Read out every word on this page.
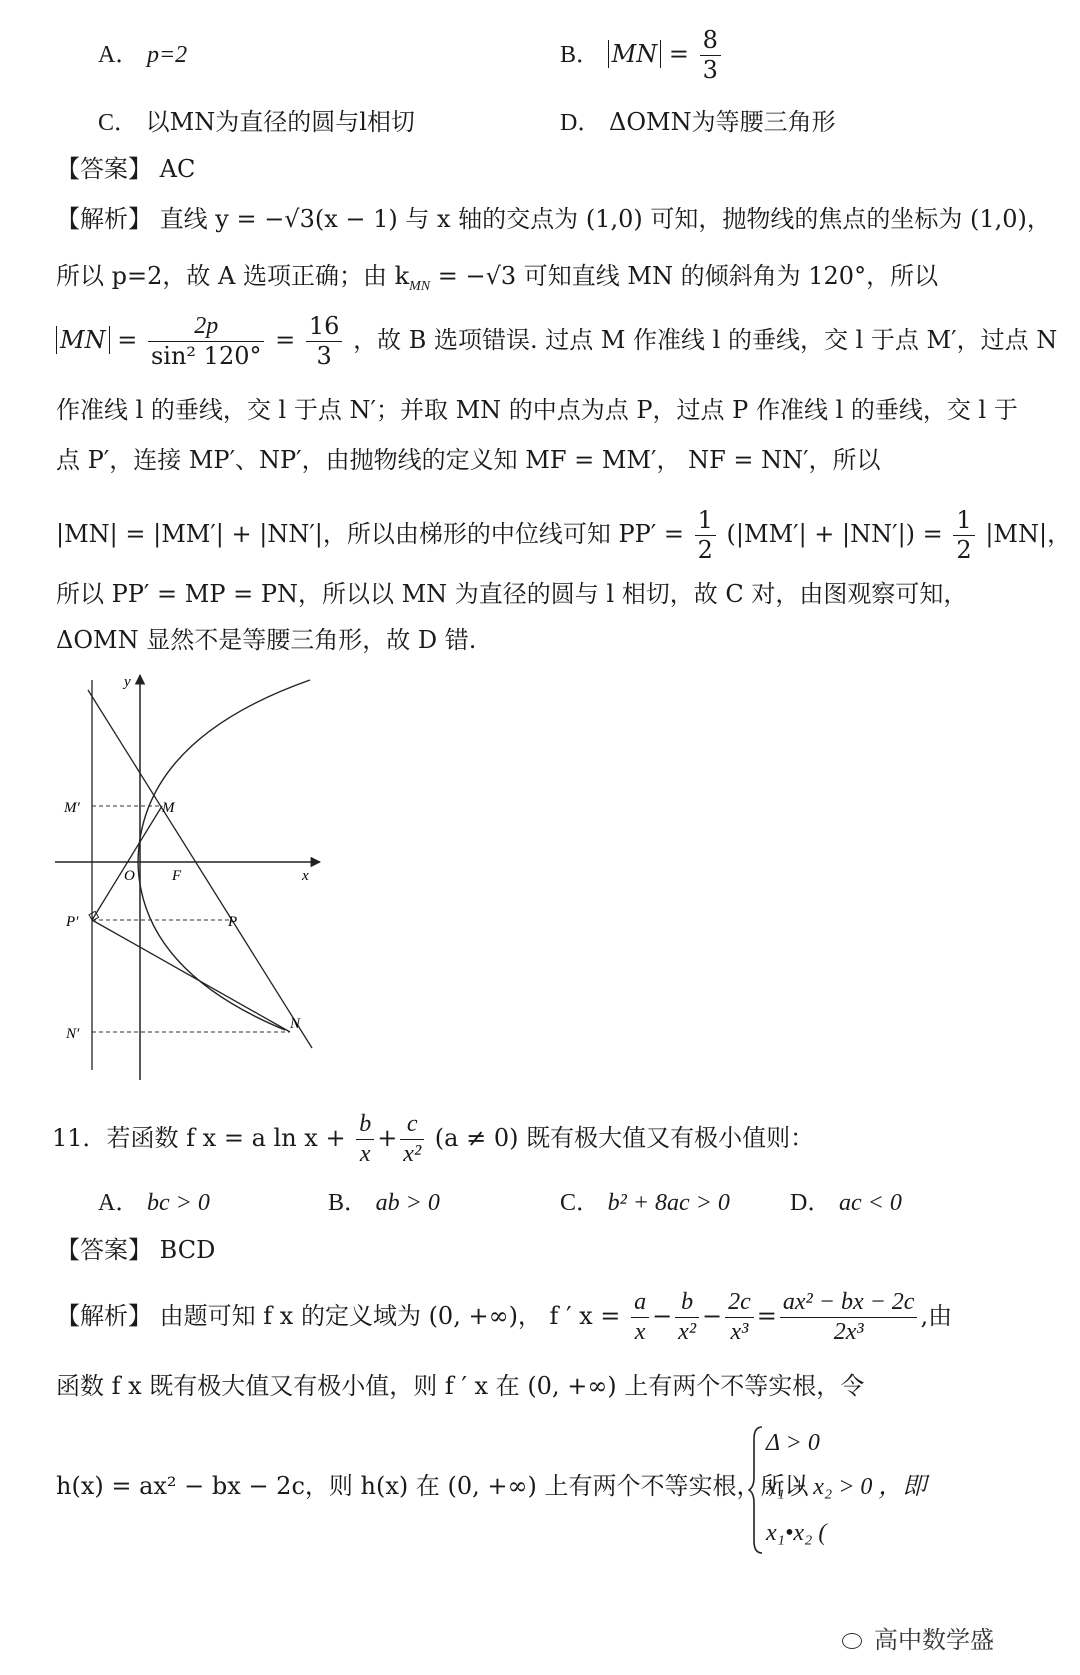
A． p=2	B． MN = $\frac{8}{3}$
C． 以MN为直径的圆与l相切	D． ΔOMN为等腰三角形
【答案】 AC
【解析】 直线 y = −√3(x − 1) 与 x 轴的交点为 (1,0) 可知，抛物线的焦点的坐标为 (1,0)，
所以 p=2，故 A 选项正确；由 $k_{MN} = -√3$ 可知直线 MN 的倾斜角为 120°，所以
MN = $\frac{2p}{\text{sin² 120°}} = \frac{16}{3}$ ，故 B 选项错误. 过点 M 作准线 l 的垂线，交 l 于点 M′，过点 N
作准线 l 的垂线，交 l 于点 N′；并取 MN 的中点为点 P，过点 P 作准线 l 的垂线，交 l 于
点 P′，连接 MP′、NP′，由抛物线的定义知 MF = MM′， NF = NN′，所以
|MN| = |MM′| + |NN′|，所以由梯形的中位线可知 $PP' = \frac{1}{2} (|MM'| + |NN'|) = \frac{1}{2} |MN|$，
所以 PP′ = MP = PN，所以以 MN 为直径的圆与 l 相切，故 C 对，由图观察可知，
ΔOMN 显然不是等腰三角形，故 D 错.
y
x
O F
M
M′
P
P′
N
N′
11．若函数 f x = a $\ln x + \frac{b}{x} + \frac{c}{\text{x²}} (a \ne 0)$ 既有极大值又有极小值则：
A． bc > 0	B． ab > 0	C． b² + 8ac > 0	D． ac < 0
【答案】 BCD
【解析】 由题可知 f x 的定义域为 (0, +∞)， f ′ $x = \frac{a}{x} - \frac{b}{\text{x²}} - \frac{2c}{\text{x³}} = \frac{\text{ax² − bx − 2c}}{\text{2x³}}$ ,由
函数 f x 既有极大值又有极小值，则 f ′ x 在 (0, +∞) 上有两个不等实根，令
h(x) = ax² − bx − 2c，则 h(x) 在 (0, +∞) 上有两个不等实根，所以
Δ > 0
x₁ + x₂ > 0 ，即
x₁•x₂ (
高中数学盛
